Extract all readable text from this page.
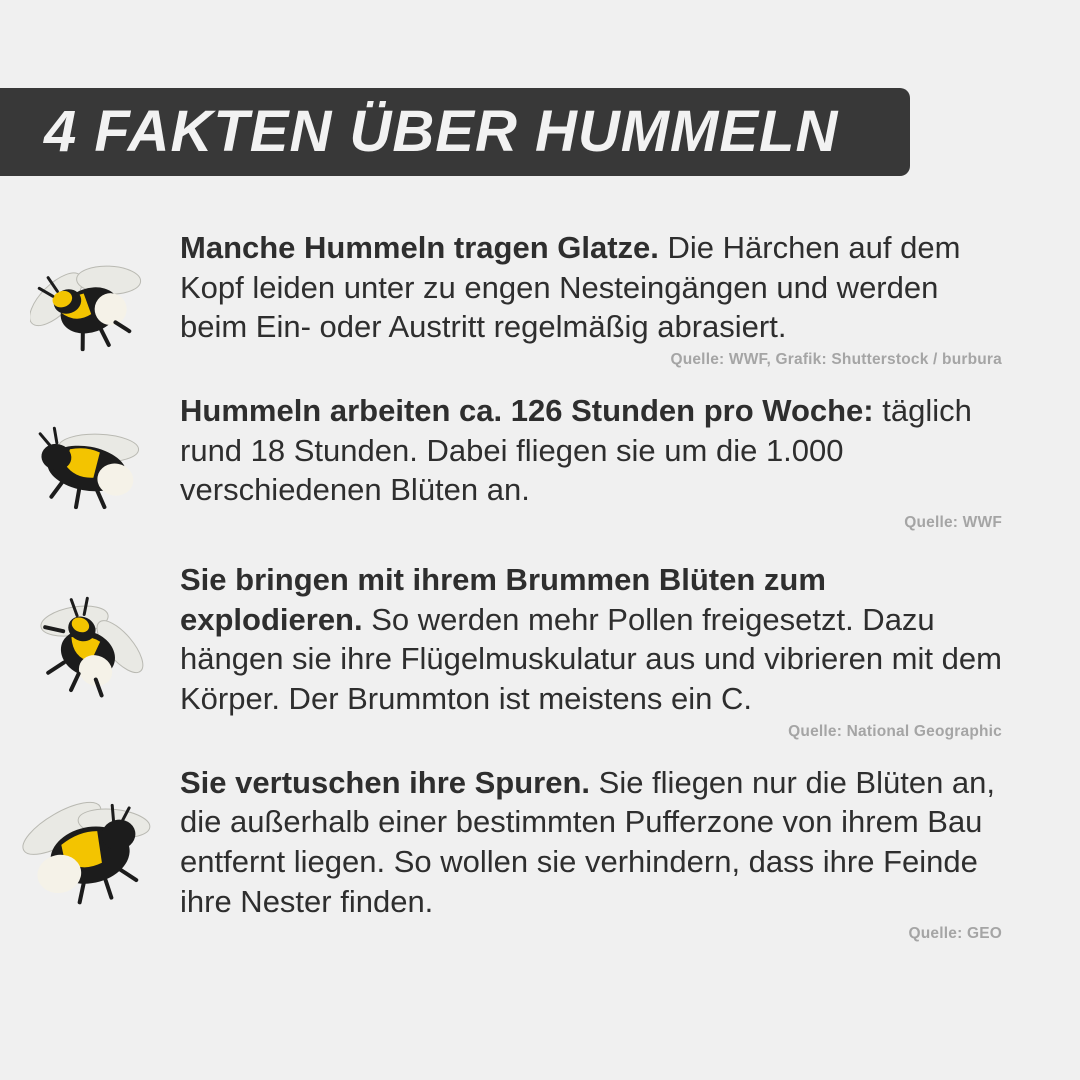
4 FAKTEN ÜBER HUMMELN

Manche Hummeln tragen Glatze. Die Härchen auf dem Kopf leiden unter zu engen Nesteingängen und werden beim Ein- oder Austritt regelmäßig abrasiert.

Quelle: WWF, Grafik: Shutterstock / burbura

Hummeln arbeiten ca. 126 Stunden pro Woche: täglich rund 18 Stunden. Dabei fliegen sie um die 1.000 verschiedenen Blüten an.

Quelle: WWF

Sie bringen mit ihrem Brummen Blüten zum explodieren. So werden mehr Pollen freigesetzt. Dazu hängen sie ihre Flügelmuskulatur aus und vibrieren mit dem Körper. Der Brummton ist meistens ein C.

Quelle: National Geographic

Sie vertuschen ihre Spuren. Sie fliegen nur die Blüten an, die außerhalb einer bestimmten Pufferzone von ihrem Bau entfernt liegen. So wollen sie verhindern, dass ihre Feinde ihre Nester finden.

Quelle: GEO
